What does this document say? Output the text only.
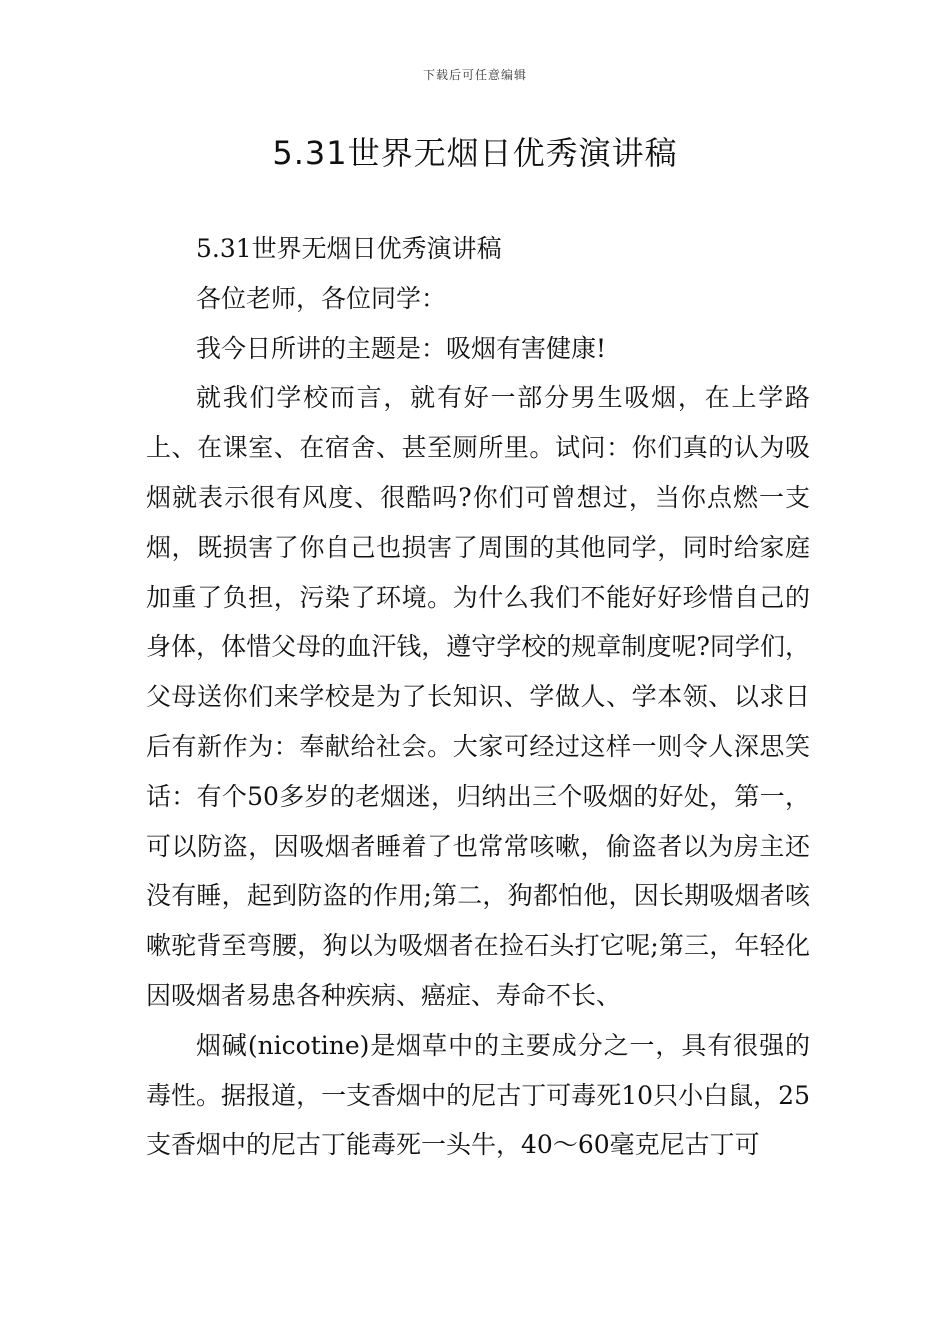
下载后可任意编辑
5.31世界无烟日优秀演讲稿

5.31世界无烟日优秀演讲稿

各位老师，各位同学：

我今日所讲的主题是：吸烟有害健康!

就我们学校而言，就有好一部分男生吸烟，在上学路上、在课室、在宿舍、甚至厕所里。试问：你们真的认为吸烟就表示很有风度、很酷吗?你们可曾想过，当你点燃一支烟，既损害了你自己也损害了周围的其他同学，同时给家庭加重了负担，污染了环境。为什么我们不能好好珍惜自己的身体，体惜父母的血汗钱，遵守学校的规章制度呢?同学们，父母送你们来学校是为了长知识、学做人、学本领、以求日后有新作为：奉献给社会。大家可经过这样一则令人深思笑话：有个50多岁的老烟迷，归纳出三个吸烟的好处，第一，可以防盗，因吸烟者睡着了也常常咳嗽，偷盗者以为房主还没有睡，起到防盗的作用;第二，狗都怕他，因长期吸烟者咳嗽驼背至弯腰，狗以为吸烟者在捡石头打它呢;第三，年轻化因吸烟者易患各种疾病、癌症、寿命不长、

烟碱(nicotine)是烟草中的主要成分之一，具有很强的毒性。据报道，一支香烟中的尼古丁可毒死10只小白鼠，25支香烟中的尼古丁能毒死一头牛，40～60毫克尼古丁可
